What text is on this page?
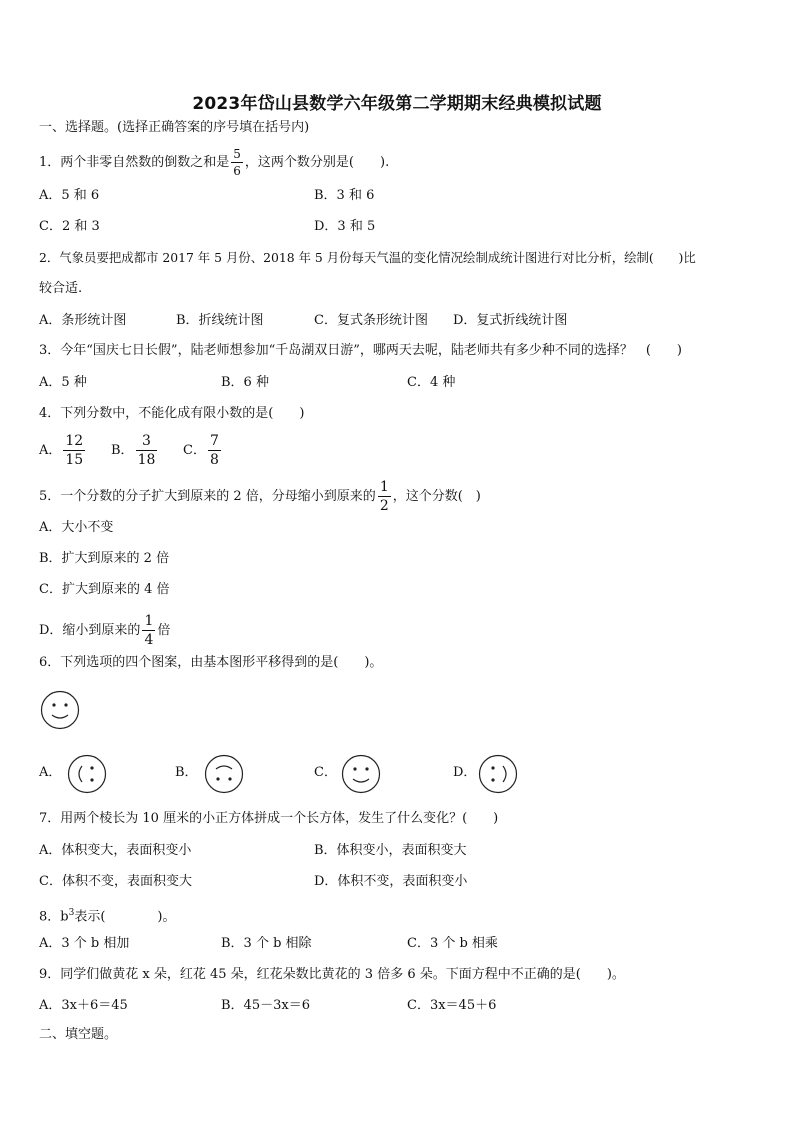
2023年岱山县数学六年级第二学期期末经典模拟试题
一、选择题。(选择正确答案的序号填在括号内)
1．两个非零自然数的倒数之和是 $\frac{5}{6}$ ，这两个数分别是(　　).
A．5 和 6	B．3 和 6
C．2 和 3	D．3 和 5
2．气象员要把成都市 2017 年 5 月份、2018 年 5 月份每天气温的变化情况绘制成统计图进行对比分析，绘制(　　)比
较合适.
A．条形统计图	B．折线统计图	C．复式条形统计图 D．复式折线统计图
3．今年“国庆七日长假”，陆老师想参加“千岛湖双日游”，哪两天去呢，陆老师共有多少种不同的选择？　(　　)
A．5 种	B．6 种	C．4 种
4．下列分数中，不能化成有限小数的是(　　)
A． $\frac{12}{15}$ B． $\frac{3}{18}$ C． $\frac{7}{8}$
5．一个分数的分子扩大到原来的 2 倍，分母缩小到原来的 $\frac{1}{2}$ ，这个分数(　)
A．大小不变
B．扩大到原来的 2 倍
C．扩大到原来的 4 倍
D．缩小到原来的 $\frac{1}{4}$ 倍
6．下列选项的四个图案，由基本图形平移得到的是(　　)。
A．	B．	C．	D．
7．用两个棱长为 10 厘米的小正方体拼成一个长方体，发生了什么变化？(　　)
A．体积变大，表面积变小	B．体积变小，表面积变大
C．体积不变，表面积变大	D．体积不变，表面积变小
8．$b^3$表示(　　　　)。
A．3 个 b 相加	B．3 个 b 相除	C．3 个 b 相乘
9．同学们做黄花 x 朵，红花 45 朵，红花朵数比黄花的 3 倍多 6 朵。下面方程中不正确的是(　　)。
A．3x＋6＝45	B．45－3x＝6	C．3x＝45＋6
二、填空题。
